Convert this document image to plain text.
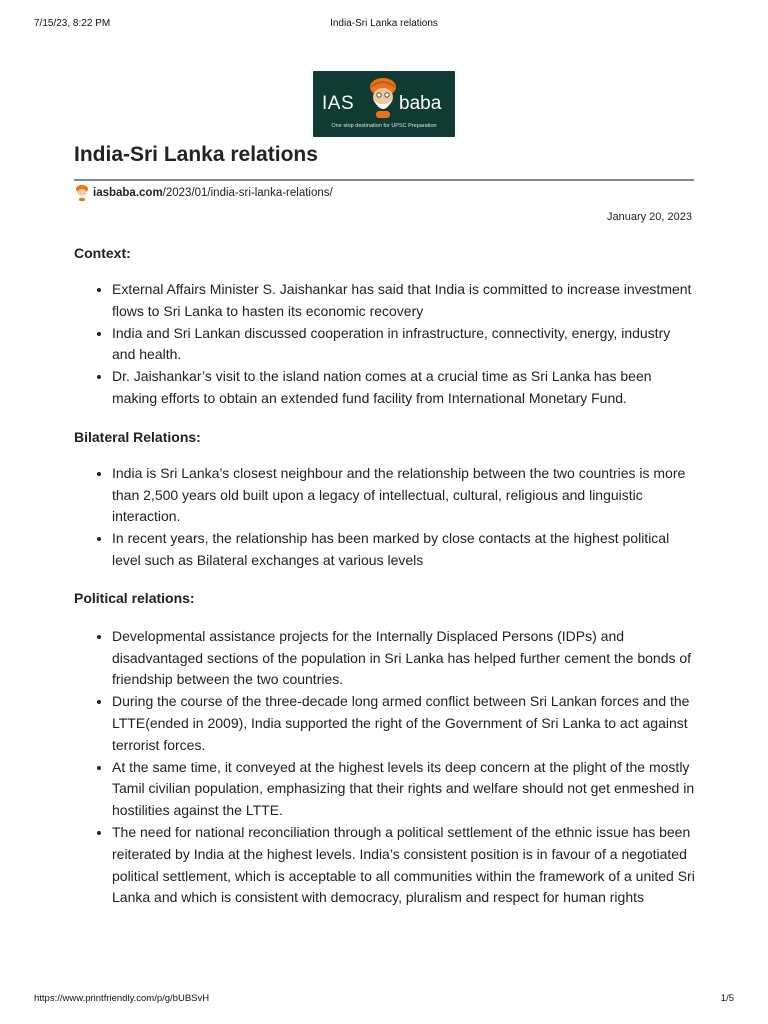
7/15/23, 8:22 PM	India-Sri Lanka relations
IAS baba
One stop destination for UPSC Preparation
India-Sri Lanka relations
iasbaba.com /2023/01/india-sri-lanka-relations/
January 20, 2023
Context:
• External Affairs Minister S. Jaishankar has said that India is committed to increase investment flows to Sri Lanka to hasten its economic recovery
• India and Sri Lankan discussed cooperation in infrastructure, connectivity, energy, industry and health.
• Dr. Jaishankar’s visit to the island nation comes at a crucial time as Sri Lanka has been making efforts to obtain an extended fund facility from International Monetary Fund.
Bilateral Relations:
• India is Sri Lanka’s closest neighbour and the relationship between the two countries is more than 2,500 years old built upon a legacy of intellectual, cultural, religious and linguistic interaction.
• In recent years, the relationship has been marked by close contacts at the highest political level such as Bilateral exchanges at various levels
Political relations:
• Developmental assistance projects for the Internally Displaced Persons (IDPs) and disadvantaged sections of the population in Sri Lanka has helped further cement the bonds of friendship between the two countries.
• During the course of the three-decade long armed conflict between Sri Lankan forces and the LTTE(ended in 2009), India supported the right of the Government of Sri Lanka to act against terrorist forces.
• At the same time, it conveyed at the highest levels its deep concern at the plight of the mostly Tamil civilian population, emphasizing that their rights and welfare should not get enmeshed in hostilities against the LTTE.
• The need for national reconciliation through a political settlement of the ethnic issue has been reiterated by India at the highest levels. India’s consistent position is in favour of a negotiated political settlement, which is acceptable to all communities within the framework of a united Sri Lanka and which is consistent with democracy, pluralism and respect for human rights
https://www.printfriendly.com/p/g/bUBSvH	1/5
